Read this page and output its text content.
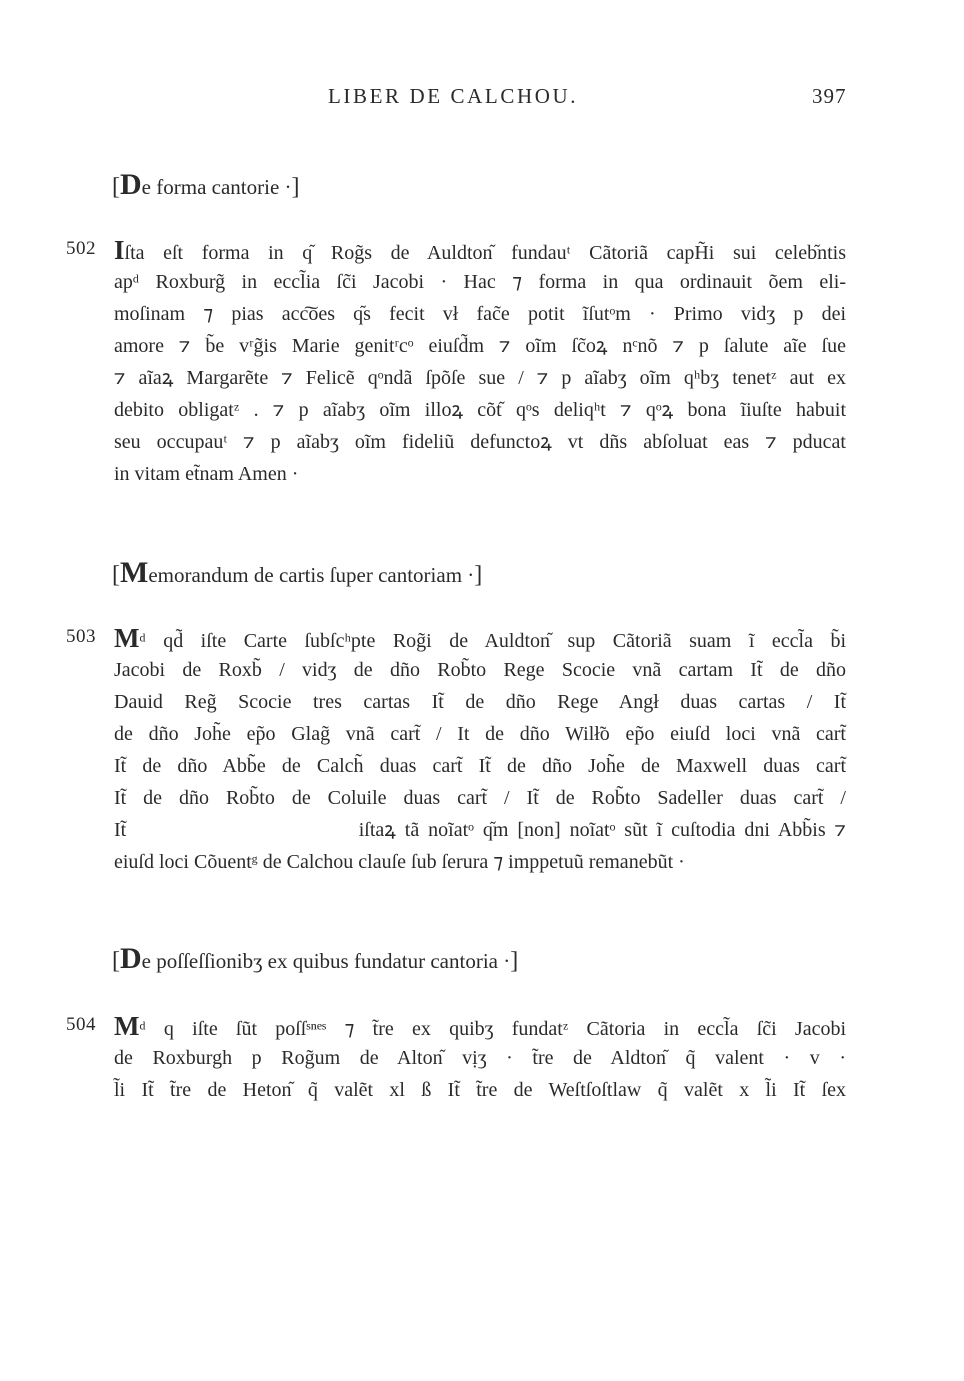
LIBER DE CALCHOU.	397
[De forma cantorie ·]
502 Iſta eſt forma in q᷉ Rog̃s de Auldton᷉ fundauᵗ Cãtoriã capH̃i sui celeb᷉ntis
apᵈ Roxburg̃ in eccl̃ia ſc̃i Jacobi · Hac ⁊ forma in qua ordinauit õem eli-
moſinam ⁊ pias acc͠oes q᷉s fecit vł fac̃e potit ĩſutᵒm · Primo vidʒ p dei
amore ⁊ b̃e vʳg̃is Marie genitʳcᵒ eiuſd̃m ⁊ oĩm ſc̃oꝝ nᶜnõ ⁊ p ſalute aĩe ſue
⁊ aĩaꝝ Margarẽte ⁊ Felicẽ qᵒndã ſpõſe sue / ⁊ p aĩabʒ oĩm qʰbʒ tenetᶻ aut ex
debito obligatᶻ . ⁊ p aĩabʒ oĩm illoꝝ cõt᷉ qᵒs deliqʰt ⁊ qᵒꝝ bona ĩiuſte habuit
seu occupauᵗ ⁊ p aĩabʒ oĩm fideliũ defunctoꝝ vt dñs abſoluat eas ⁊ pducat
in vitam et̃nam Amen ·
[Memorandum de cartis ſuper cantoriam ·]
503 Mᵈ qd̃ iſte Carte ſubſcʰpte Rog̃i de Auldton᷉ sup Cãtoriã suam ĩ eccl̃a b̃i
Jacobi de Roxb̃ / vidʒ de dño Rob̃to Rege Scocie vnã cartam It̃ de dño
Dauid Reg̃ Scocie tres cartas It̃ de dño Rege Angł duas cartas / It̃
de dño Joh̃e ep̃o Glag̃ vnã cart̃ / It de dño Wilł̃o ep̃o eiuſd loci vnã cart̃
It̃ de dño Abb̃e de Calch̃ duas cart̃ It̃ de dño Joh̃e de Maxwell duas cart̃
It̃ de dño Rob̃to de Coluile duas cart̃ / It̃ de Rob̃to Sadeller duas cart̃ /
It̃                          iſtaꝝ tã noĩatᵒ q᷉m [non] noĩatᵒ sũt ĩ cuſtodia dni Abb̃is ⁊
eiuſd loci Cõuentᵍ de Calchou clauſe ſub ſerura ⁊ imppetuũ remanebũt ·
[De poſſeſſionibʒ ex quibus fundatur cantoria ·]
504 Mᵈ q iſte ſũt poſſˢⁿᵉˢ ⁊ t̃re ex quibʒ fundatᶻ Cãtoria in eccl̃a ſc̃i Jacobi
de Roxburgh p Rog̃um de Alton᷉ vịʒ · t̃re de Aldton᷉ q̃ valent · v ·
l̃i It̃ t̃re de Heton᷉ q̃ valẽt xl ß It̃ t̃re de Weſtſoſtlaw q̃ valẽt x l̃i It̃ ſex
